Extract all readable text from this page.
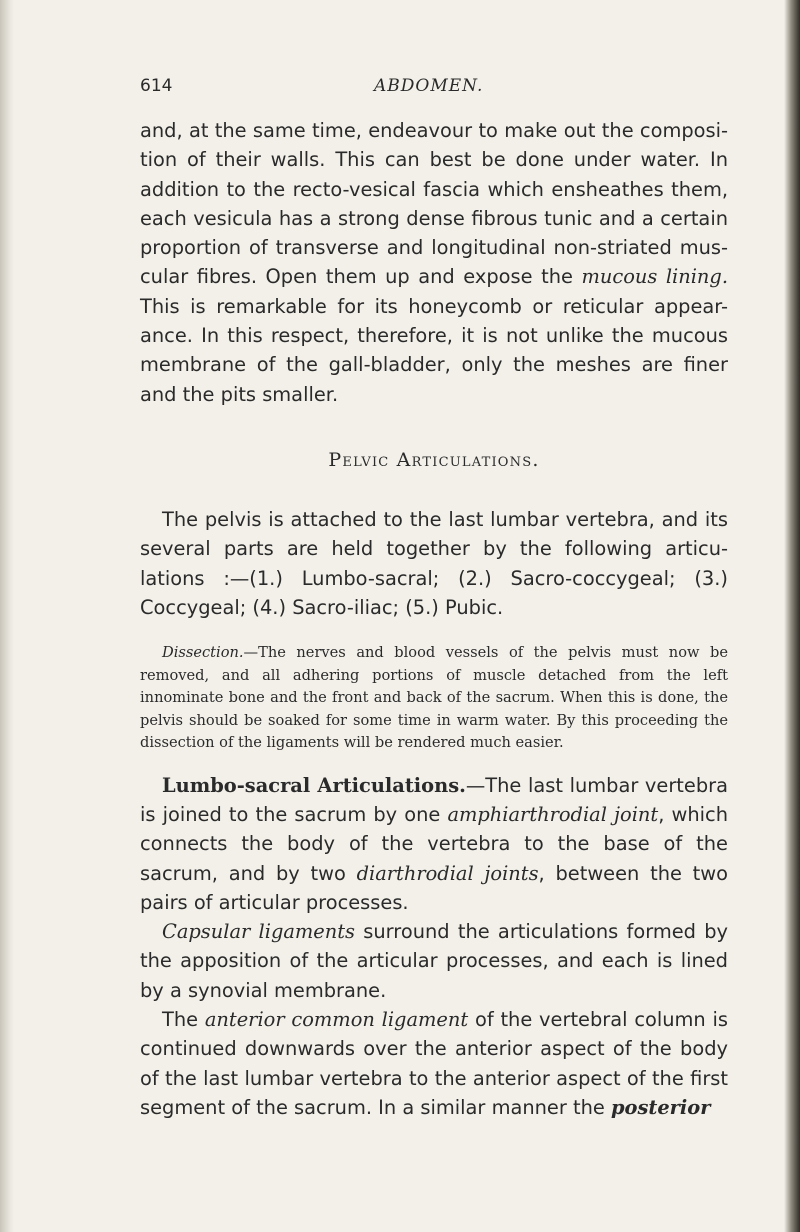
614	ABDOMEN.

and, at the same time, endeavour to make out the composi- tion of their walls. This can best be done under water. In addition to the recto-vesical fascia which ensheathes them, each vesicula has a strong dense fibrous tunic and a certain proportion of transverse and longitudinal non-striated mus- cular fibres. Open them up and expose the mucous lining. This is remarkable for its honeycomb or reticular appear- ance. In this respect, therefore, it is not unlike the mucous membrane of the gall-bladder, only the meshes are finer and the pits smaller.

Pelvic Articulations.

The pelvis is attached to the last lumbar vertebra, and its several parts are held together by the following articu- lations :—(1.) Lumbo-sacral; (2.) Sacro-coccygeal; (3.) Coccygeal; (4.) Sacro-iliac; (5.) Pubic.

Dissection.—The nerves and blood vessels of the pelvis must now be removed, and all adhering portions of muscle detached from the left innominate bone and the front and back of the sacrum. When this is done, the pelvis should be soaked for some time in warm water. By this proceeding the dissection of the ligaments will be rendered much easier.

Lumbo-sacral Articulations.—The last lumbar vertebra is joined to the sacrum by one amphiarthrodial joint, which connects the body of the vertebra to the base of the sacrum, and by two diarthrodial joints, between the two pairs of articular processes.

Capsular ligaments surround the articulations formed by the apposition of the articular processes, and each is lined by a synovial membrane.

The anterior common ligament of the vertebral column is continued downwards over the anterior aspect of the body of the last lumbar vertebra to the anterior aspect of the first segment of the sacrum. In a similar manner the posterior
